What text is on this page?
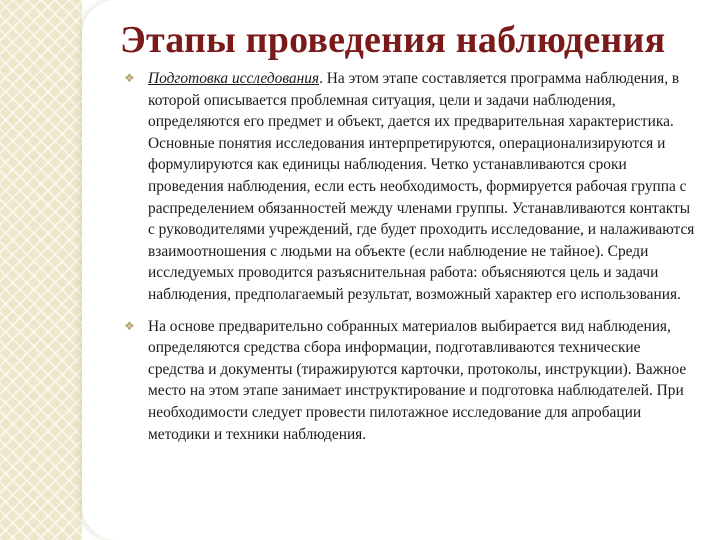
Этапы проведения наблюдения
❖ Подготовка исследования. На этом этапе составляется программа наблюдения, в которой описывается проблемная ситуация, цели и задачи наблюдения, определяются его предмет и объект, дается их предварительная характеристика. Основные понятия исследования интерпретируются, операционализируются и формулируются как единицы наблюдения. Четко устанавливаются сроки проведения наблюдения, если есть необходимость, формируется рабочая группа с распределением обязанностей между членами группы. Устанавливаются контакты с руководителями учреждений, где будет проходить исследование, и налаживаются взаимоотношения с людьми на объекте (если наблюдение не тайное). Среди исследуемых проводится разъяснительная работа: объясняются цель и задачи наблюдения, предполагаемый результат, возможный характер его использования.
❖ На основе предварительно собранных материалов выбирается вид наблюдения, определяются средства сбора информации, подготавливаются технические средства и документы (тиражируются карточки, протоколы, инструкции). Важное место на этом этапе занимает инструктирование и подготовка наблюдателей. При необходимости следует провести пилотажное исследование для апробации методики и техники наблюдения.
